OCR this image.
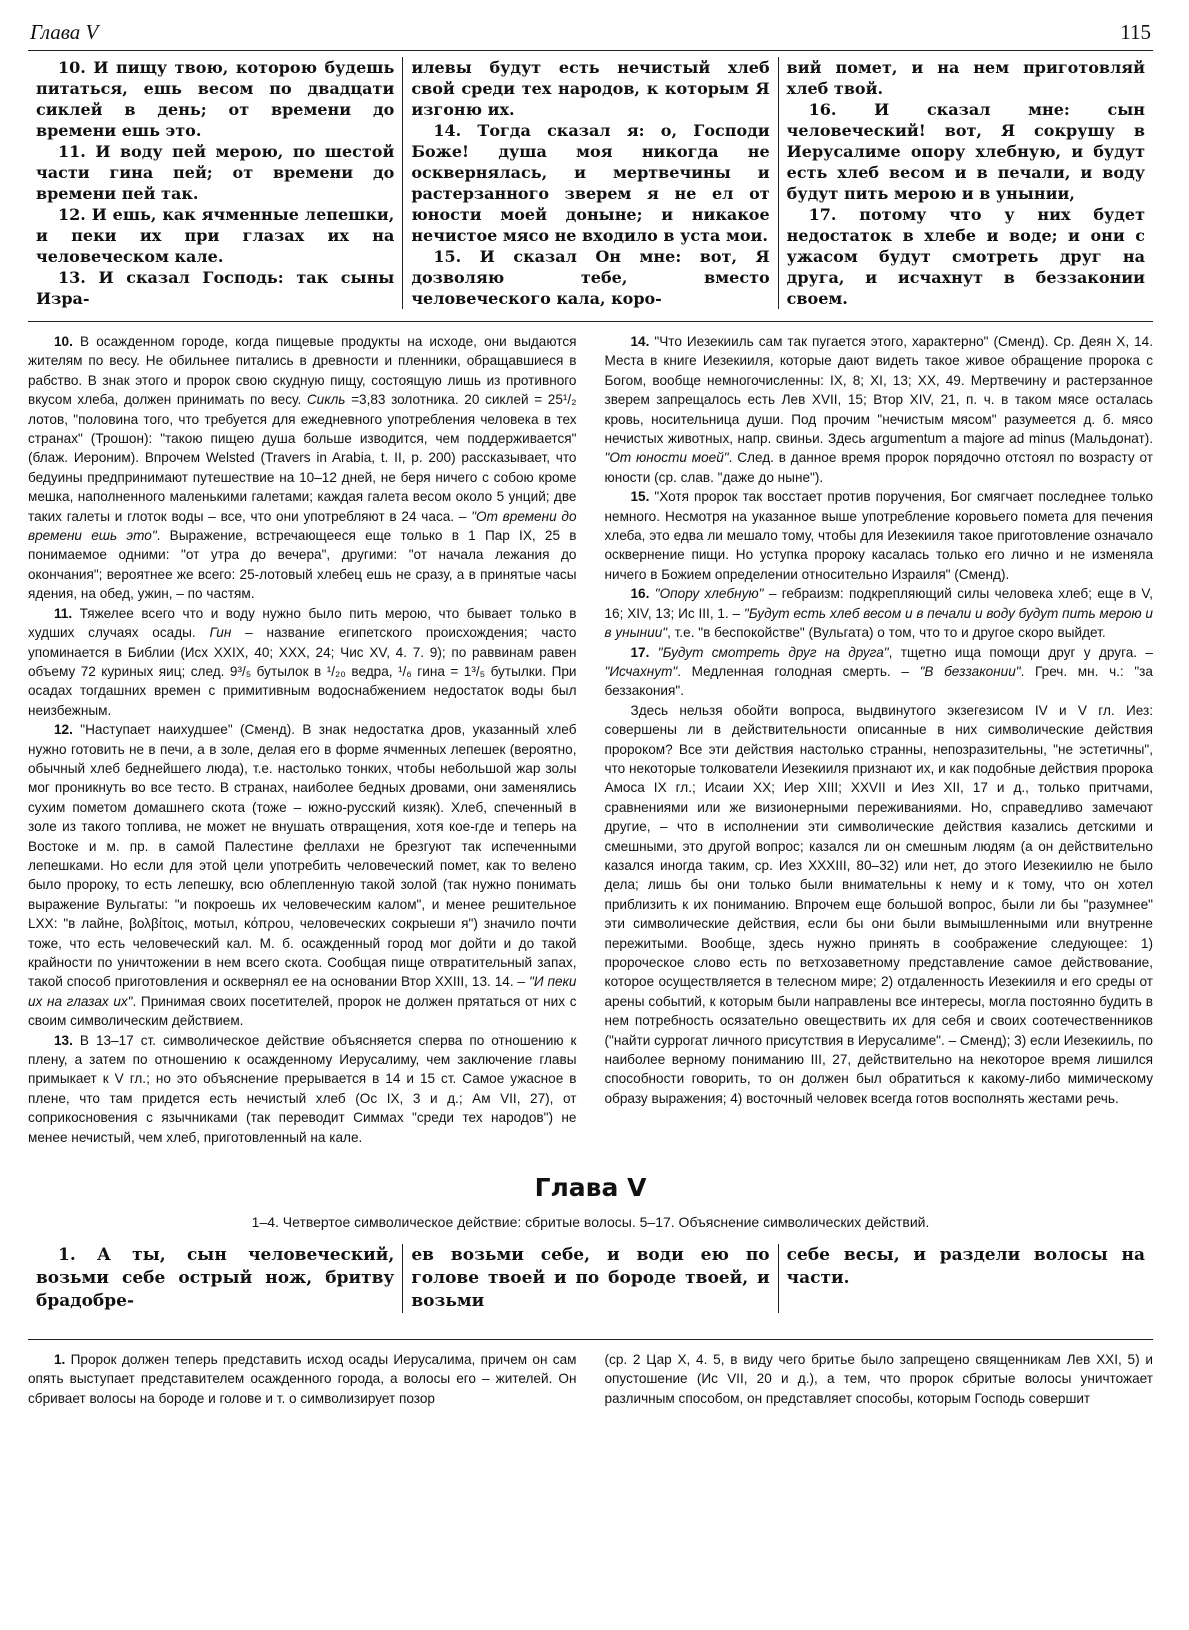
Глава V	115

10. И пищу твою, которою будешь питаться, ешь весом по двадцати сиклей в день; от времени до времени ешь это.

11. И воду пей мерою, по шестой части гина пей; от времени до времени пей так.

12. И ешь, как ячменные лепешки, и пеки их при глазах их на человеческом кале.

13. И сказал Господь: так сыны Изра-

илевы будут есть нечистый хлеб свой среди тех народов, к которым Я изгоню их.

14. Тогда сказал я: о, Господи Боже! душа моя никогда не осквернялась, и мертвечины и растерзанного зверем я не ел от юности моей доныне; и никакое нечистое мясо не входило в уста мои.

15. И сказал Он мне: вот, Я дозволяю тебе, вместо человеческого кала, коро-

вий помет, и на нем приготовляй хлеб твой.

16. И сказал мне: сын человеческий! вот, Я сокрушу в Иерусалиме опору хлебную, и будут есть хлеб весом и в печали, и воду будут пить мерою и в унынии,

17. потому что у них будет недостаток в хлебе и воде; и они с ужасом будут смотреть друг на друга, и исчахнут в беззаконии своем.

10. В осажденном городе, когда пищевые продукты на исходе, они выдаются жителям по весу. Не обильнее питались в древности и пленники, обращавшиеся в рабство. В знак этого и пророк свою скудную пищу, состоящую лишь из противного вкусом хлеба, должен принимать по весу. Сикль =3,83 золотника. 20 сиклей = 25¹/₂ лотов, "половина того, что требуется для ежедневного употребления человека в тех странах" (Трошон): "такою пищею душа больше изводится, чем поддерживается" (блаж. Иероним). Впрочем Welsted (Travers in Arabia, t. II, p. 200) рассказывает, что бедуины предпринимают путешествие на 10–12 дней, не беря ничего с собою кроме мешка, наполненного маленькими галетами; каждая галета весом около 5 унций; две таких галеты и глоток воды – все, что они употребляют в 24 часа. – "От времени до времени ешь это". Выражение, встречающееся еще только в 1 Пар IX, 25 в понимаемое одними: "от утра до вечера", другими: "от начала лежания до окончания"; вероятнее же всего: 25-лотовый хлебец ешь не сразу, а в принятые часы ядения, на обед, ужин, – по частям.

11. Тяжелее всего что и воду нужно было пить мерою, что бывает только в худших случаях осады. Гин – название египетского происхождения; часто упоминается в Библии (Исх XXIX, 40; XXX, 24; Чис XV, 4. 7. 9); по раввинам равен объему 72 куриных яиц; след. 9³/₅ бутылок в ¹/₂₀ ведра, ¹/₆ гина = 1³/₅ бутылки. При осадах тогдашних времен с примитивным водоснабжением недостаток воды был неизбежным.

12. "Наступает наихудшее" (Сменд). В знак недостатка дров, указанный хлеб нужно готовить не в печи, а в золе, делая его в форме ячменных лепешек (вероятно, обычный хлеб беднейшего люда), т.е. настолько тонких, чтобы небольшой жар золы мог проникнуть во все тесто. В странах, наиболее бедных дровами, они заменялись сухим пометом домашнего скота (тоже – южно-русский кизяк). Хлеб, спеченный в золе из такого топлива, не может не внушать отвращения, хотя кое-где и теперь на Востоке и м. пр. в самой Палестине феллахи не брезгуют так испеченными лепешками. Но если для этой цели употребить человеческий помет, как то велено было пророку, то есть лепешку, всю облепленную такой золой (так нужно понимать выражение Вульгаты: "и покроешь их человеческим калом", и менее решительное LXX: "в лайне, βολβίτοις, мотыл, κόπρου, человеческих сокрыеши я") значило почти тоже, что есть человеческий кал. М. б. осажденный город мог дойти и до такой крайности по уничтожении в нем всего скота. Сообщая пище отвратительный запах, такой способ приготовления и осквернял ее на основании Втор XXIII, 13. 14. – "И пеки их на глазах их". Принимая своих посетителей, пророк не должен прятаться от них с своим символическим действием.

13. В 13–17 ст. символическое действие объясняется сперва по отношению к плену, а затем по отношению к осажденному Иерусалиму, чем заключение главы примыкает к V гл.; но это объяснение прерывается в 14 и 15 ст. Самое ужасное в плене, что там придется есть нечистый хлеб (Ос IX, 3 и д.; Ам VII, 27), от соприкосновения с язычниками (так переводит Симмах "среди тех народов") не менее нечистый, чем хлеб, приготовленный на кале.

14. "Что Иезекииль сам так пугается этого, характерно" (Сменд). Ср. Деян X, 14. Места в книге Иезекииля, которые дают видеть такое живое обращение пророка с Богом, вообще немногочисленны: IX, 8; XI, 13; XX, 49. Мертвечину и растерзанное зверем запрещалось есть Лев XVII, 15; Втор XIV, 21, п. ч. в таком мясе осталась кровь, носительница души. Под прочим "нечистым мясом" разумеется д. б. мясо нечистых животных, напр. свиньи. Здесь argumentum a majore ad minus (Мальдонат). "От юности моей". След. в данное время пророк порядочно отстоял по возрасту от юности (ср. слав. "даже до ныне").

15. "Хотя пророк так восстает против поручения, Бог смягчает последнее только немного. Несмотря на указанное выше употребление коровьего помета для печения хлеба, это едва ли мешало тому, чтобы для Иезекииля такое приготовление означало осквернение пищи. Но уступка пророку касалась только его лично и не изменяла ничего в Божием определении относительно Израиля" (Сменд).

16. "Опору хлебную" – гебраизм: подкрепляющий силы человека хлеб; еще в V, 16; XIV, 13; Ис III, 1. – "Будут есть хлеб весом и в печали и воду будут пить мерою и в унынии", т.е. "в беспокойстве" (Вульгата) о том, что то и другое скоро выйдет.

17. "Будут смотреть друг на друга", тщетно ища помощи друг у друга. – "Исчахнут". Медленная голодная смерть. – "В беззаконии". Греч. мн. ч.: "за беззакония".

Здесь нельзя обойти вопроса, выдвинутого экзегезисом IV и V гл. Иез: совершены ли в действительности описанные в них символические действия пророком? Все эти действия настолько странны, непозразительны, "не эстетичны", что некоторые толкователи Иезекииля признают их, и как подобные действия пророка Амоса IX гл.; Исаии XX; Иер XIII; XXVII и Иез XII, 17 и д., только притчами, сравнениями или же визионерными переживаниями. Но, справедливо замечают другие, – что в исполнении эти символические действия казались детскими и смешными, это другой вопрос; казался ли он смешным людям (а он действительно казался иногда таким, ср. Иез XXXIII, 80–32) или нет, до этого Иезекиилю не было дела; лишь бы они только были внимательны к нему и к тому, что он хотел приблизить к их пониманию. Впрочем еще большой вопрос, были ли бы "разумнее" эти символические действия, если бы они были вымышленными или внутренне пережитыми. Вообще, здесь нужно принять в соображение следующее: 1) пророческое слово есть по ветхозаветному представление самое действование, которое осуществляется в телесном мире; 2) отдаленность Иезекииля и его среды от арены событий, к которым были направлены все интересы, могла постоянно будить в нем потребность осязательно овеществить их для себя и своих соотечественников ("найти суррогат личного присутствия в Иерусалиме". – Сменд); 3) если Иезекииль, по наиболее верному пониманию III, 27, действительно на некоторое время лишился способности говорить, то он должен был обратиться к какому-либо мимическому образу выражения; 4) восточный человек всегда готов восполнять жестами речь.

Глава V
1–4. Четвертое символическое действие: сбритые волосы. 5–17. Объяснение символических действий.

1. А ты, сын человеческий, возьми себе острый нож, бритву брадобре-

ев возьми себе, и води ею по голове твоей и по бороде твоей, и возьми

себе весы, и раздели волосы на части.

1. Пророк должен теперь представить исход осады Иерусалима, причем он сам опять выступает представителем осажденного города, а волосы его – жителей. Он сбривает волосы на бороде и голове и т. о символизирует позор

(ср. 2 Цар X, 4. 5, в виду чего бритье было запрещено священникам Лев XXI, 5) и опустошение (Ис VII, 20 и д.), а тем, что пророк сбритые волосы уничтожает различным способом, он представляет способы, которым Господь совершит
